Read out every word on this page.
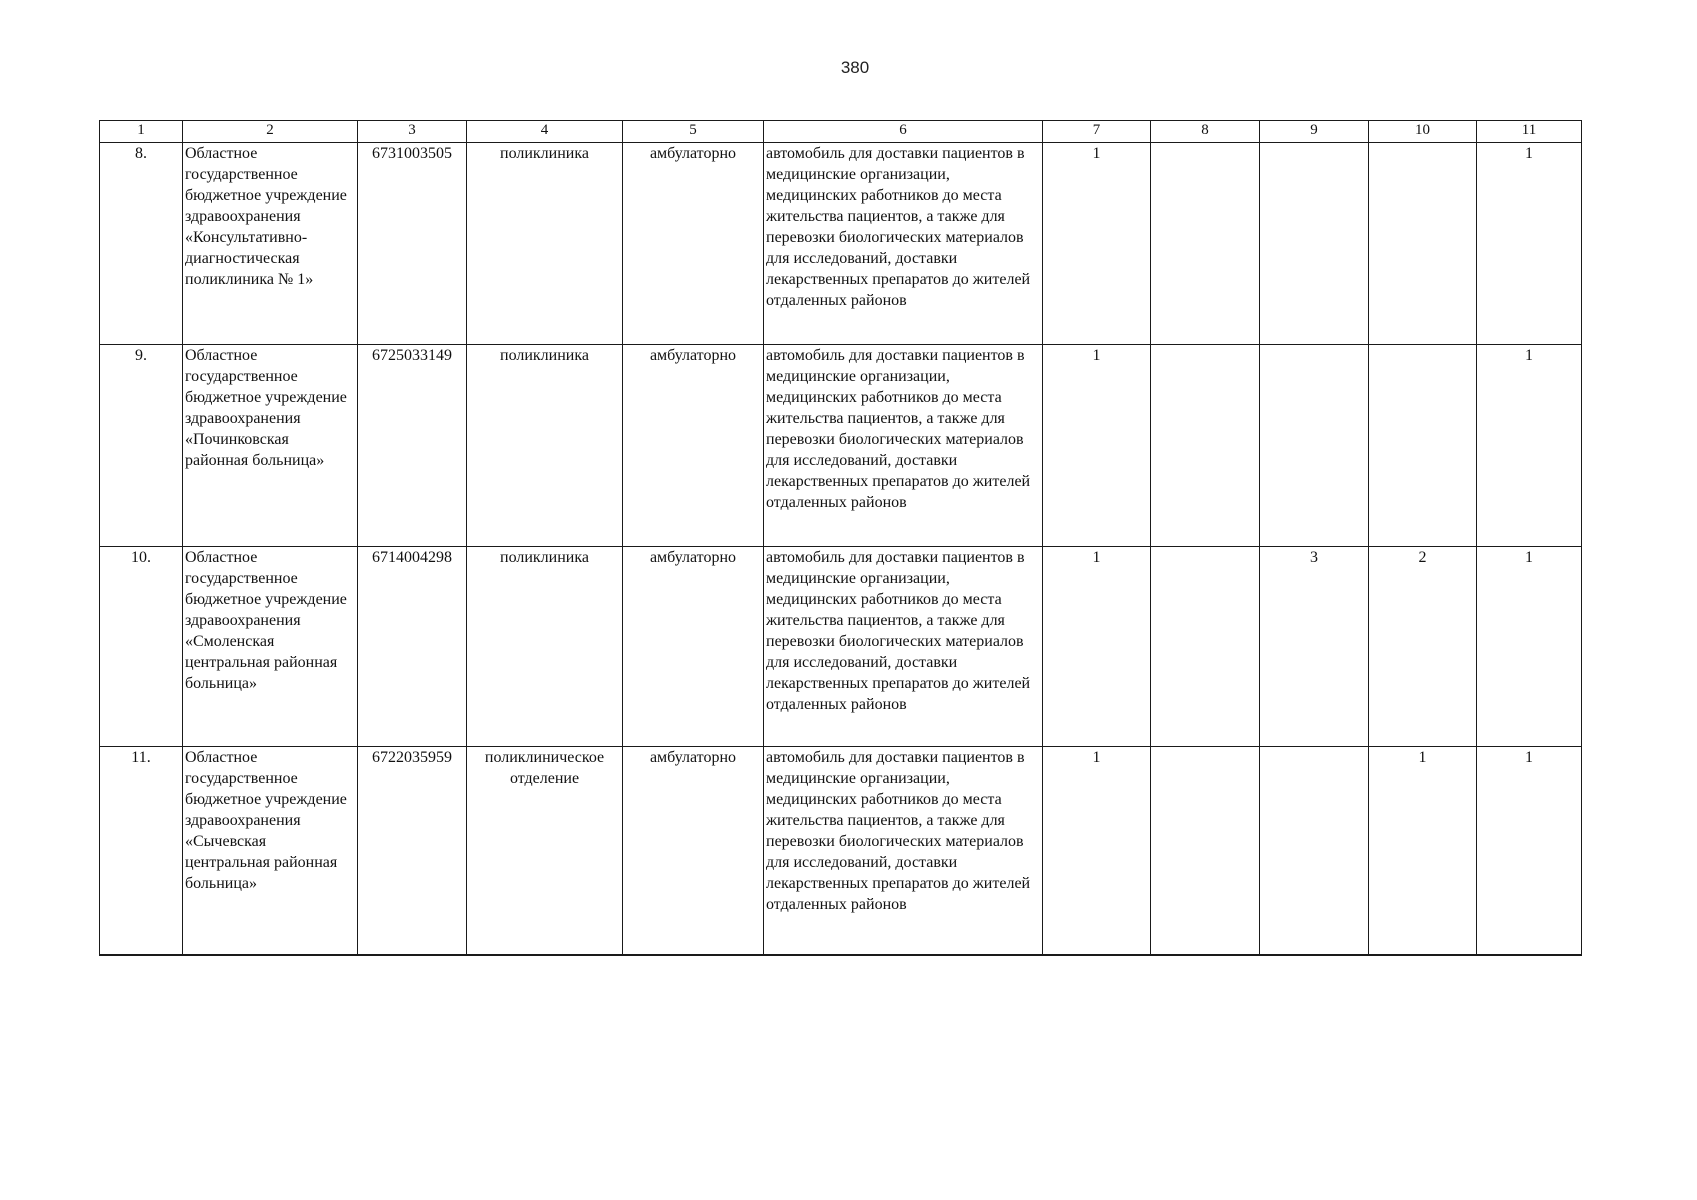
380
1	2	3	4	5	6	7	8	9	10	11
8.	Областное государственное бюджетное учреждение здравоохранения «Консультативно-диагностическая поликлиника № 1»	6731003505	поликлиника	амбулаторно	автомобиль для доставки пациентов в медицинские организации, медицинских работников до места жительства пациентов, а также для перевозки биологических материалов для исследований, доставки лекарственных препаратов до жителей отдаленных районов	1				1
9.	Областное государственное бюджетное учреждение здравоохранения «Починковская районная больница»	6725033149	поликлиника	амбулаторно	автомобиль для доставки пациентов в медицинские организации, медицинских работников до места жительства пациентов, а также для перевозки биологических материалов для исследований, доставки лекарственных препаратов до жителей отдаленных районов	1				1
10.	Областное государственное бюджетное учреждение здравоохранения «Смоленская центральная районная больница»	6714004298	поликлиника	амбулаторно	автомобиль для доставки пациентов в медицинские организации, медицинских работников до места жительства пациентов, а также для перевозки биологических материалов для исследований, доставки лекарственных препаратов до жителей отдаленных районов	1		3	2	1
11.	Областное государственное бюджетное учреждение здравоохранения «Сычевская центральная районная больница»	6722035959	поликлиническое отделение	амбулаторно	автомобиль для доставки пациентов в медицинские организации, медицинских работников до места жительства пациентов, а также для перевозки биологических материалов для исследований, доставки лекарственных препаратов до жителей отдаленных районов	1			1	1
